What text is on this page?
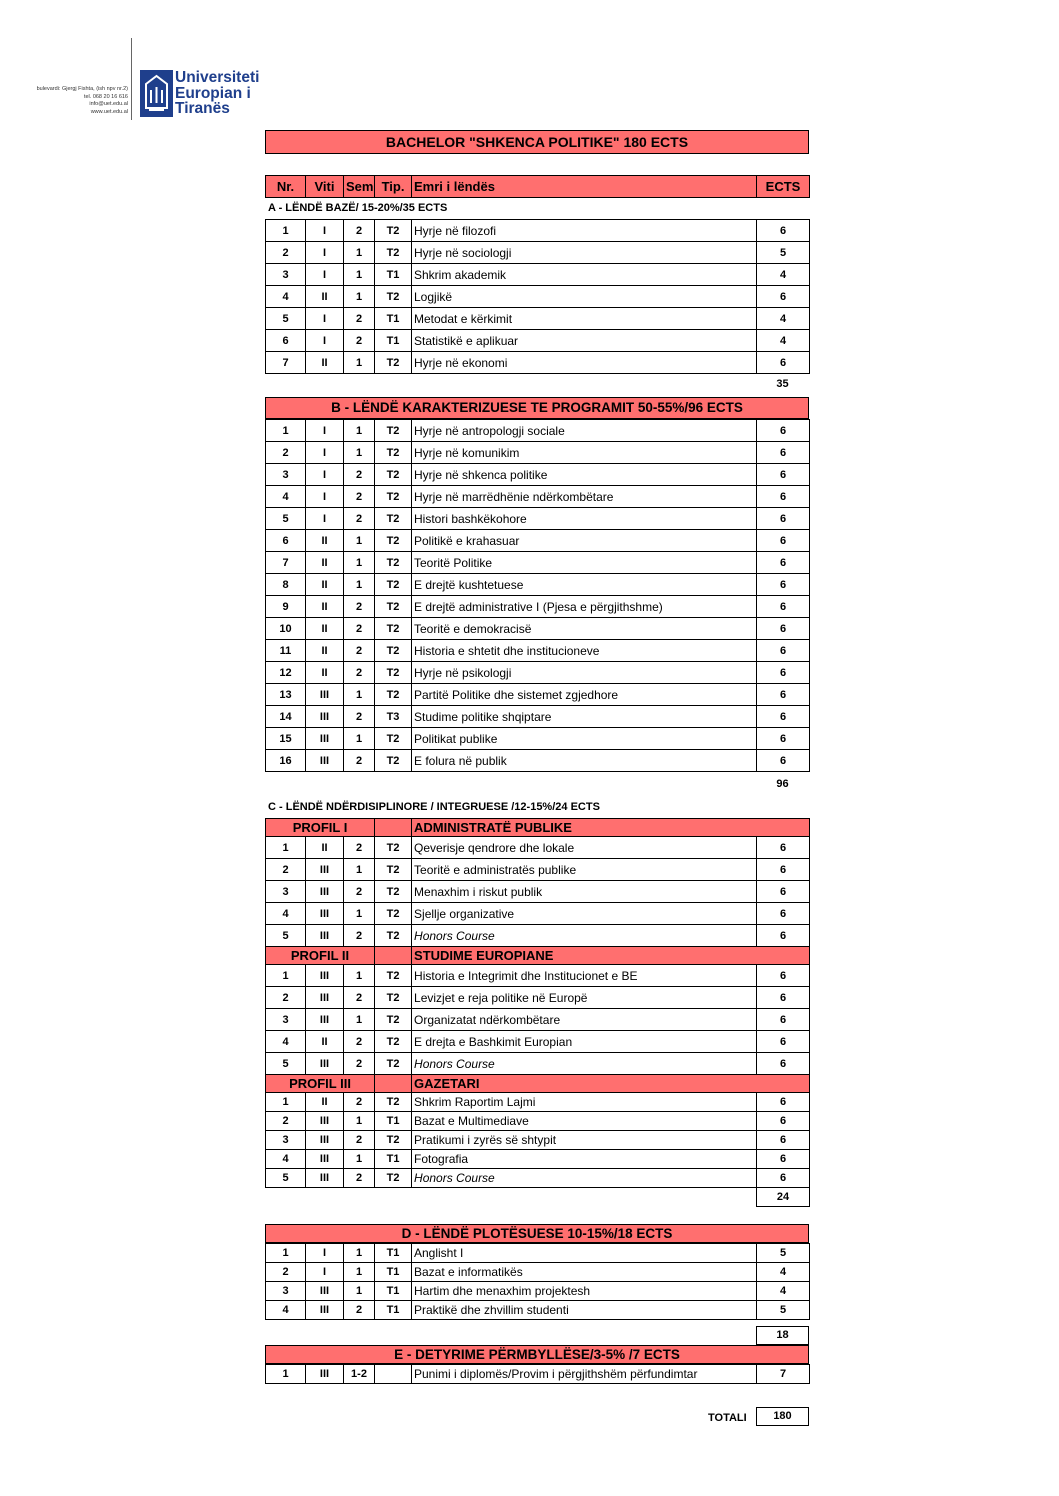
bulevardi: Gjergj Fishta, (ish npv nr.2)
tel. 068 20 16 616
info@uet.edu.al
www.uet.edu.al
Universiteti
Europian i
Tiranës
BACHELOR "SHKENCA POLITIKE" 180 ECTS
Nr.	Viti	Sem	Tip.	Emri i lëndës	ECTS
A - LËNDË BAZË/ 15-20%/35 ECTS
1	I	2	T2	Hyrje në filozofi	6
2	I	1	T2	Hyrje në sociologji	5
3	I	1	T1	Shkrim akademik	4
4	II	1	T2	Logjikë	6
5	I	2	T1	Metodat e kërkimit	4
6	I	2	T1	Statistikë e aplikuar	4
7	II	1	T2	Hyrje në ekonomi	6
35
B - LËNDË KARAKTERIZUESE TE PROGRAMIT 50-55%/96 ECTS
1	I	1	T2	Hyrje në antropologji sociale	6
2	I	1	T2	Hyrje në komunikim	6
3	I	2	T2	Hyrje në shkenca politike	6
4	I	2	T2	Hyrje në marrëdhënie ndërkombëtare	6
5	I	2	T2	Histori bashkëkohore	6
6	II	1	T2	Politikë e krahasuar	6
7	II	1	T2	Teoritë Politike	6
8	II	1	T2	E drejtë kushtetuese	6
9	II	2	T2	E drejtë administrative I (Pjesa e përgjithshme)	6
10	II	2	T2	Teoritë e demokracisë	6
11	II	2	T2	Historia e shtetit dhe institucioneve	6
12	II	2	T2	Hyrje në psikologji	6
13	III	1	T2	Partitë Politike dhe sistemet zgjedhore	6
14	III	2	T3	Studime politike shqiptare	6
15	III	1	T2	Politikat publike	6
16	III	2	T2	E folura në publik	6
96
C - LËNDË NDËRDISIPLINORE / INTEGRUESE /12-15%/24 ECTS
PROFIL I				ADMINISTRATË PUBLIKE	
1	II	2	T2	Qeverisje qendrore dhe lokale	6
2	III	1	T2	Teoritë e administratës publike	6
3	III	2	T2	Menaxhim i riskut publik	6
4	III	1	T2	Sjellje organizative	6
5	III	2	T2	Honors Course	6
PROFIL II				STUDIME EUROPIANE	
1	III	1	T2	Historia e Integrimit dhe Institucionet e BE	6
2	III	2	T2	Levizjet e reja politike në Europë	6
3	III	1	T2	Organizatat ndërkombëtare	6
4	II	2	T2	E drejta e Bashkimit Europian	6
5	III	2	T2	Honors Course	6
PROFIL III				GAZETARI	
1	II	2	T2	Shkrim Raportim Lajmi	6
2	III	1	T1	Bazat e Multimediave	6
3	III	2	T2	Pratikumi i zyrës së shtypit	6
4	III	1	T1	Fotografia	6
5	III	2	T2	Honors Course	6
					24
D - LËNDË PLOTËSUESE 10-15%/18 ECTS
1	I	1	T1	Anglisht I	5
2	I	1	T1	Bazat e informatikës	4
3	III	1	T1	Hartim dhe menaxhim projektesh	4
4	III	2	T1	Praktikë dhe zhvillim studenti	5
18
E - DETYRIME PËRMBYLLËSE/3-5% /7 ECTS
1	III	1-2		Punimi i diplomës/Provim i përgjithshëm përfundimtar	7
TOTALI	180
